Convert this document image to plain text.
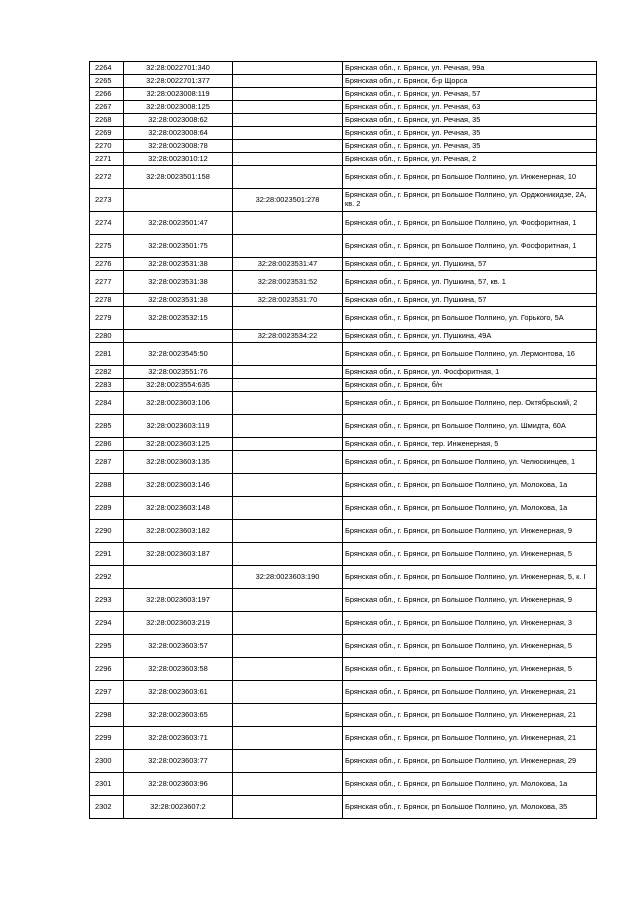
2264	32:28:0022701:340		Брянская обл., г. Брянск, ул. Речная, 99а
2265	32:28:0022701:377		Брянская обл., г. Брянск, б-р Щорса
2266	32:28:0023008:119		Брянская обл., г. Брянск, ул. Речная, 57
2267	32:28:0023008:125		Брянская обл., г. Брянск, ул. Речная, 63
2268	32:28:0023008:62		Брянская обл., г. Брянск, ул. Речная, 35
2269	32:28:0023008:64		Брянская обл., г. Брянск, ул. Речная, 35
2270	32:28:0023008:78		Брянская обл., г. Брянск, ул. Речная, 35
2271	32:28:0023010:12		Брянская обл., г. Брянск, ул. Речная, 2
2272	32:28:0023501:158		Брянская обл., г. Брянск, рп Большое Полпино, ул. Инженерная, 10
2273		32:28:0023501:278	Брянская обл., г. Брянск, рп Большое Полпино, ул. Орджоникидзе, 2А, кв. 2
2274	32:28:0023501:47		Брянская обл., г. Брянск, рп Большое Полпино, ул. Фосфоритная, 1
2275	32:28:0023501:75		Брянская обл., г. Брянск, рп Большое Полпино, ул. Фосфоритная, 1
2276	32:28:0023531:38	32:28:0023531:47	Брянская обл., г. Брянск, ул. Пушкина, 57
2277	32:28:0023531:38	32:28:0023531:52	Брянская обл., г. Брянск, ул. Пушкина, 57, кв. 1
2278	32:28:0023531:38	32:28:0023531:70	Брянская обл., г. Брянск, ул. Пушкина, 57
2279	32:28:0023532:15		Брянская обл., г. Брянск, рп Большое Полпино, ул. Горького, 5А
2280		32:28:0023534:22	Брянская обл., г. Брянск, ул. Пушкина, 49А
2281	32:28:0023545:50		Брянская обл., г. Брянск, рп Большое Полпино, ул. Лермонтова, 16
2282	32:28:0023551:76		Брянская обл., г. Брянск, ул. Фосфоритная, 1
2283	32:28:0023554:635		Брянская обл., г. Брянск, б/н
2284	32:28:0023603:106		Брянская обл., г. Брянск, рп Большое Полпино, пер. Октябрьский, 2
2285	32:28:0023603:119		Брянская обл., г. Брянск, рп Большое Полпино, ул. Шмидта, 60А
2286	32:28:0023603:125		Брянская обл., г. Брянск, тер. Инженерная, 5
2287	32:28:0023603:135		Брянская обл., г. Брянск, рп Большое Полпино, ул. Челюскинцев, 1
2288	32:28:0023603:146		Брянская обл., г. Брянск, рп Большое Полпино, ул. Молокова, 1а
2289	32:28:0023603:148		Брянская обл., г. Брянск, рп Большое Полпино, ул. Молокова, 1а
2290	32:28:0023603:182		Брянская обл., г. Брянск, рп Большое Полпино, ул. Инженерная, 9
2291	32:28:0023603:187		Брянская обл., г. Брянск, рп Большое Полпино, ул. Инженерная, 5
2292		32:28:0023603:190	Брянская обл., г. Брянск, рп Большое Полпино, ул. Инженерная, 5, к. I
2293	32:28:0023603:197		Брянская обл., г. Брянск, рп Большое Полпино, ул. Инженерная, 9
2294	32:28:0023603:219		Брянская обл., г. Брянск, рп Большое Полпино, ул. Инженерная, 3
2295	32:28:0023603:57		Брянская обл., г. Брянск, рп Большое Полпино, ул. Инженерная, 5
2296	32:28:0023603:58		Брянская обл., г. Брянск, рп Большое Полпино, ул. Инженерная, 5
2297	32:28:0023603:61		Брянская обл., г. Брянск, рп Большое Полпино, ул. Инженерная, 21
2298	32:28:0023603:65		Брянская обл., г. Брянск, рп Большое Полпино, ул. Инженерная, 21
2299	32:28:0023603:71		Брянская обл., г. Брянск, рп Большое Полпино, ул. Инженерная, 21
2300	32:28:0023603:77		Брянская обл., г. Брянск, рп Большое Полпино, ул. Инженерная, 29
2301	32:28:0023603:96		Брянская обл., г. Брянск, рп Большое Полпино, ул. Молокова, 1а
2302	32:28:0023607:2		Брянская обл., г. Брянск, рп Большое Полпино, ул. Молокова, 35
